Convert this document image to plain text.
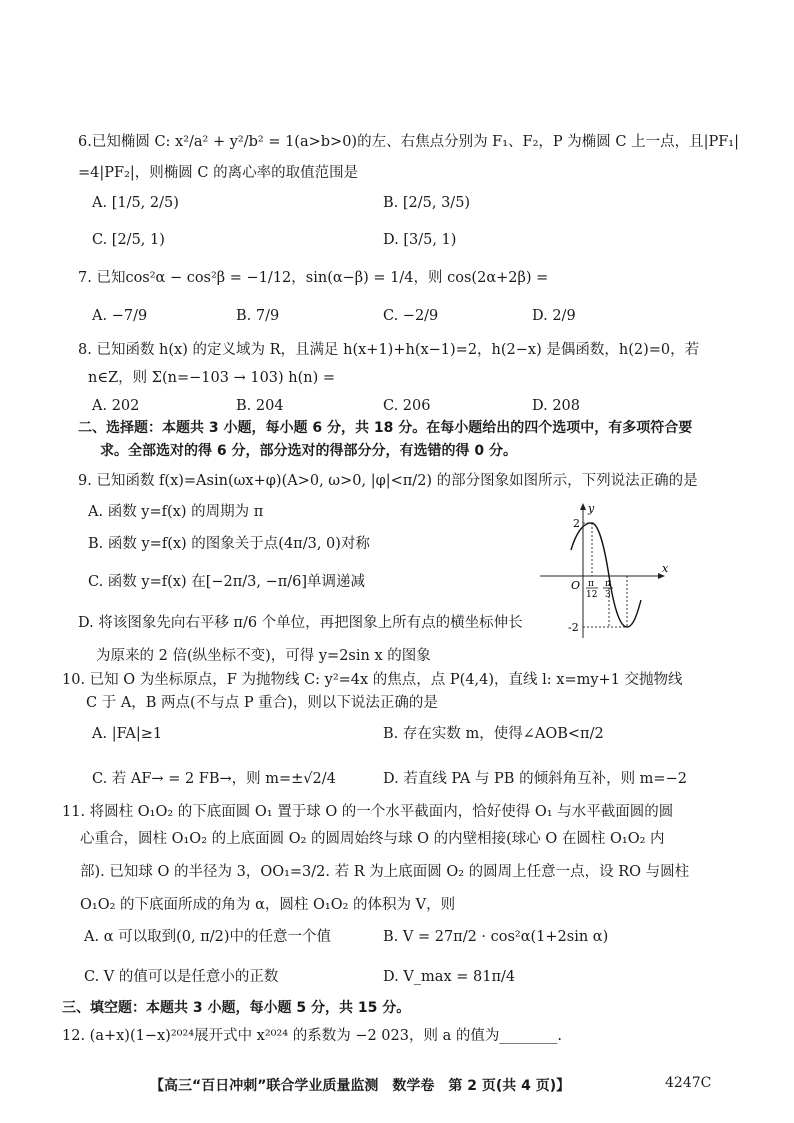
6.已知椭圆 C: x²/a² + y²/b² = 1(a>b>0)的左、右焦点分别为 F₁、F₂，P 为椭圆 C 上一点，且|PF₁|
=4|PF₂|，则椭圆 C 的离心率的取值范围是
A. [1/5, 2/5)	B. [2/5, 3/5)
C. [2/5, 1)	D. [3/5, 1)
7. 已知cos²α − cos²β = −1/12，sin(α−β) = 1/4，则 cos(2α+2β) =
A. −7/9	B. 7/9	C. −2/9	D. 2/9
8. 已知函数 h(x) 的定义域为 R，且满足 h(x+1)+h(x−1)=2，h(2−x) 是偶函数，h(2)=0，若
n∈Z，则 Σ(n=−103 → 103) h(n) =
A. 202	B. 204	C. 206	D. 208
二、选择题：本题共 3 小题，每小题 6 分，共 18 分。在每小题给出的四个选项中，有多项符合要
求。全部选对的得 6 分，部分选对的得部分分，有选错的得 0 分。
9. 已知函数 f(x)=Asin(ωx+φ)(A>0, ω>0, |φ|<π/2) 的部分图象如图所示，下列说法正确的是
A. 函数 y=f(x) 的周期为 π
B. 函数 y=f(x) 的图象关于点(4π/3, 0)对称
C. 函数 y=f(x) 在[−2π/3, −π/6]单调递减
D. 将该图象先向右平移 π/6 个单位，再把图象上所有点的横坐标伸长
为原来的 2 倍(纵坐标不变)，可得 y=2sin x 的图象
y
x
O
2
-2
π
12
π
3
10. 已知 O 为坐标原点，F 为抛物线 C: y²=4x 的焦点，点 P(4,4)，直线 l: x=my+1 交抛物线
C 于 A，B 两点(不与点 P 重合)，则以下说法正确的是
A. |FA|≥1	B. 存在实数 m，使得∠AOB<π/2
C. 若 AF→ = 2 FB→，则 m=±√2/4	D. 若直线 PA 与 PB 的倾斜角互补，则 m=−2
11. 将圆柱 O₁O₂ 的下底面圆 O₁ 置于球 O 的一个水平截面内，恰好使得 O₁ 与水平截面圆的圆
心重合，圆柱 O₁O₂ 的上底面圆 O₂ 的圆周始终与球 O 的内壁相接(球心 O 在圆柱 O₁O₂ 内
部). 已知球 O 的半径为 3，OO₁=3/2. 若 R 为上底面圆 O₂ 的圆周上任意一点，设 RO 与圆柱
O₁O₂ 的下底面所成的角为 α，圆柱 O₁O₂ 的体积为 V，则
A. α 可以取到(0, π/2)中的任意一个值	B. V = 27π/2 · cos²α(1+2sin α)
C. V 的值可以是任意小的正数	D. V_max = 81π/4
三、填空题：本题共 3 小题，每小题 5 分，共 15 分。
12. (a+x)(1−x)²⁰²⁴展开式中 x²⁰²⁴ 的系数为 −2 023，则 a 的值为________.
【高三“百日冲刺”联合学业质量监测　数学卷　第 2 页(共 4 页)】	4247C
